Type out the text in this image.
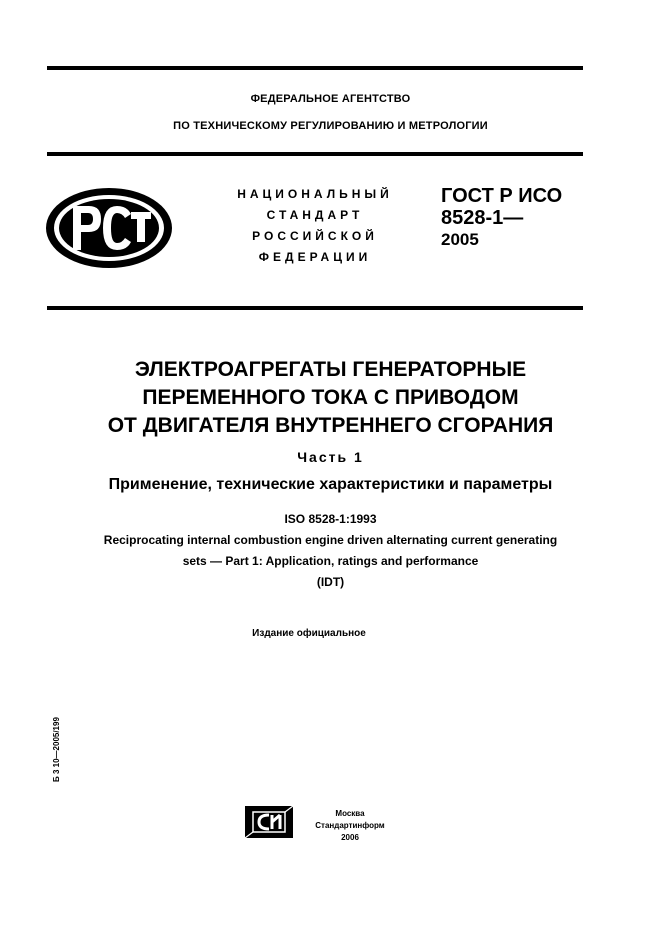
ФЕДЕРАЛЬНОЕ АГЕНТСТВО
ПО ТЕХНИЧЕСКОМУ РЕГУЛИРОВАНИЮ И МЕТРОЛОГИИ
НАЦИОНАЛЬНЫЙ
СТАНДАРТ
РОССИЙСКОЙ
ФЕДЕРАЦИИ
ГОСТ Р ИСО
8528-1—
2005
ЭЛЕКТРОАГРЕГАТЫ ГЕНЕРАТОРНЫЕ
ПЕРЕМЕННОГО ТОКА С ПРИВОДОМ
ОТ ДВИГАТЕЛЯ ВНУТРЕННЕГО СГОРАНИЯ
Часть 1
Применение, технические характеристики и параметры
ISO 8528-1:1993
Reciprocating internal combustion engine driven alternating current generating
sets — Part 1: Application, ratings and performance
(IDT)
Издание официальное
Б 3 10—2005/199
Москва
Стандартинформ
2006
